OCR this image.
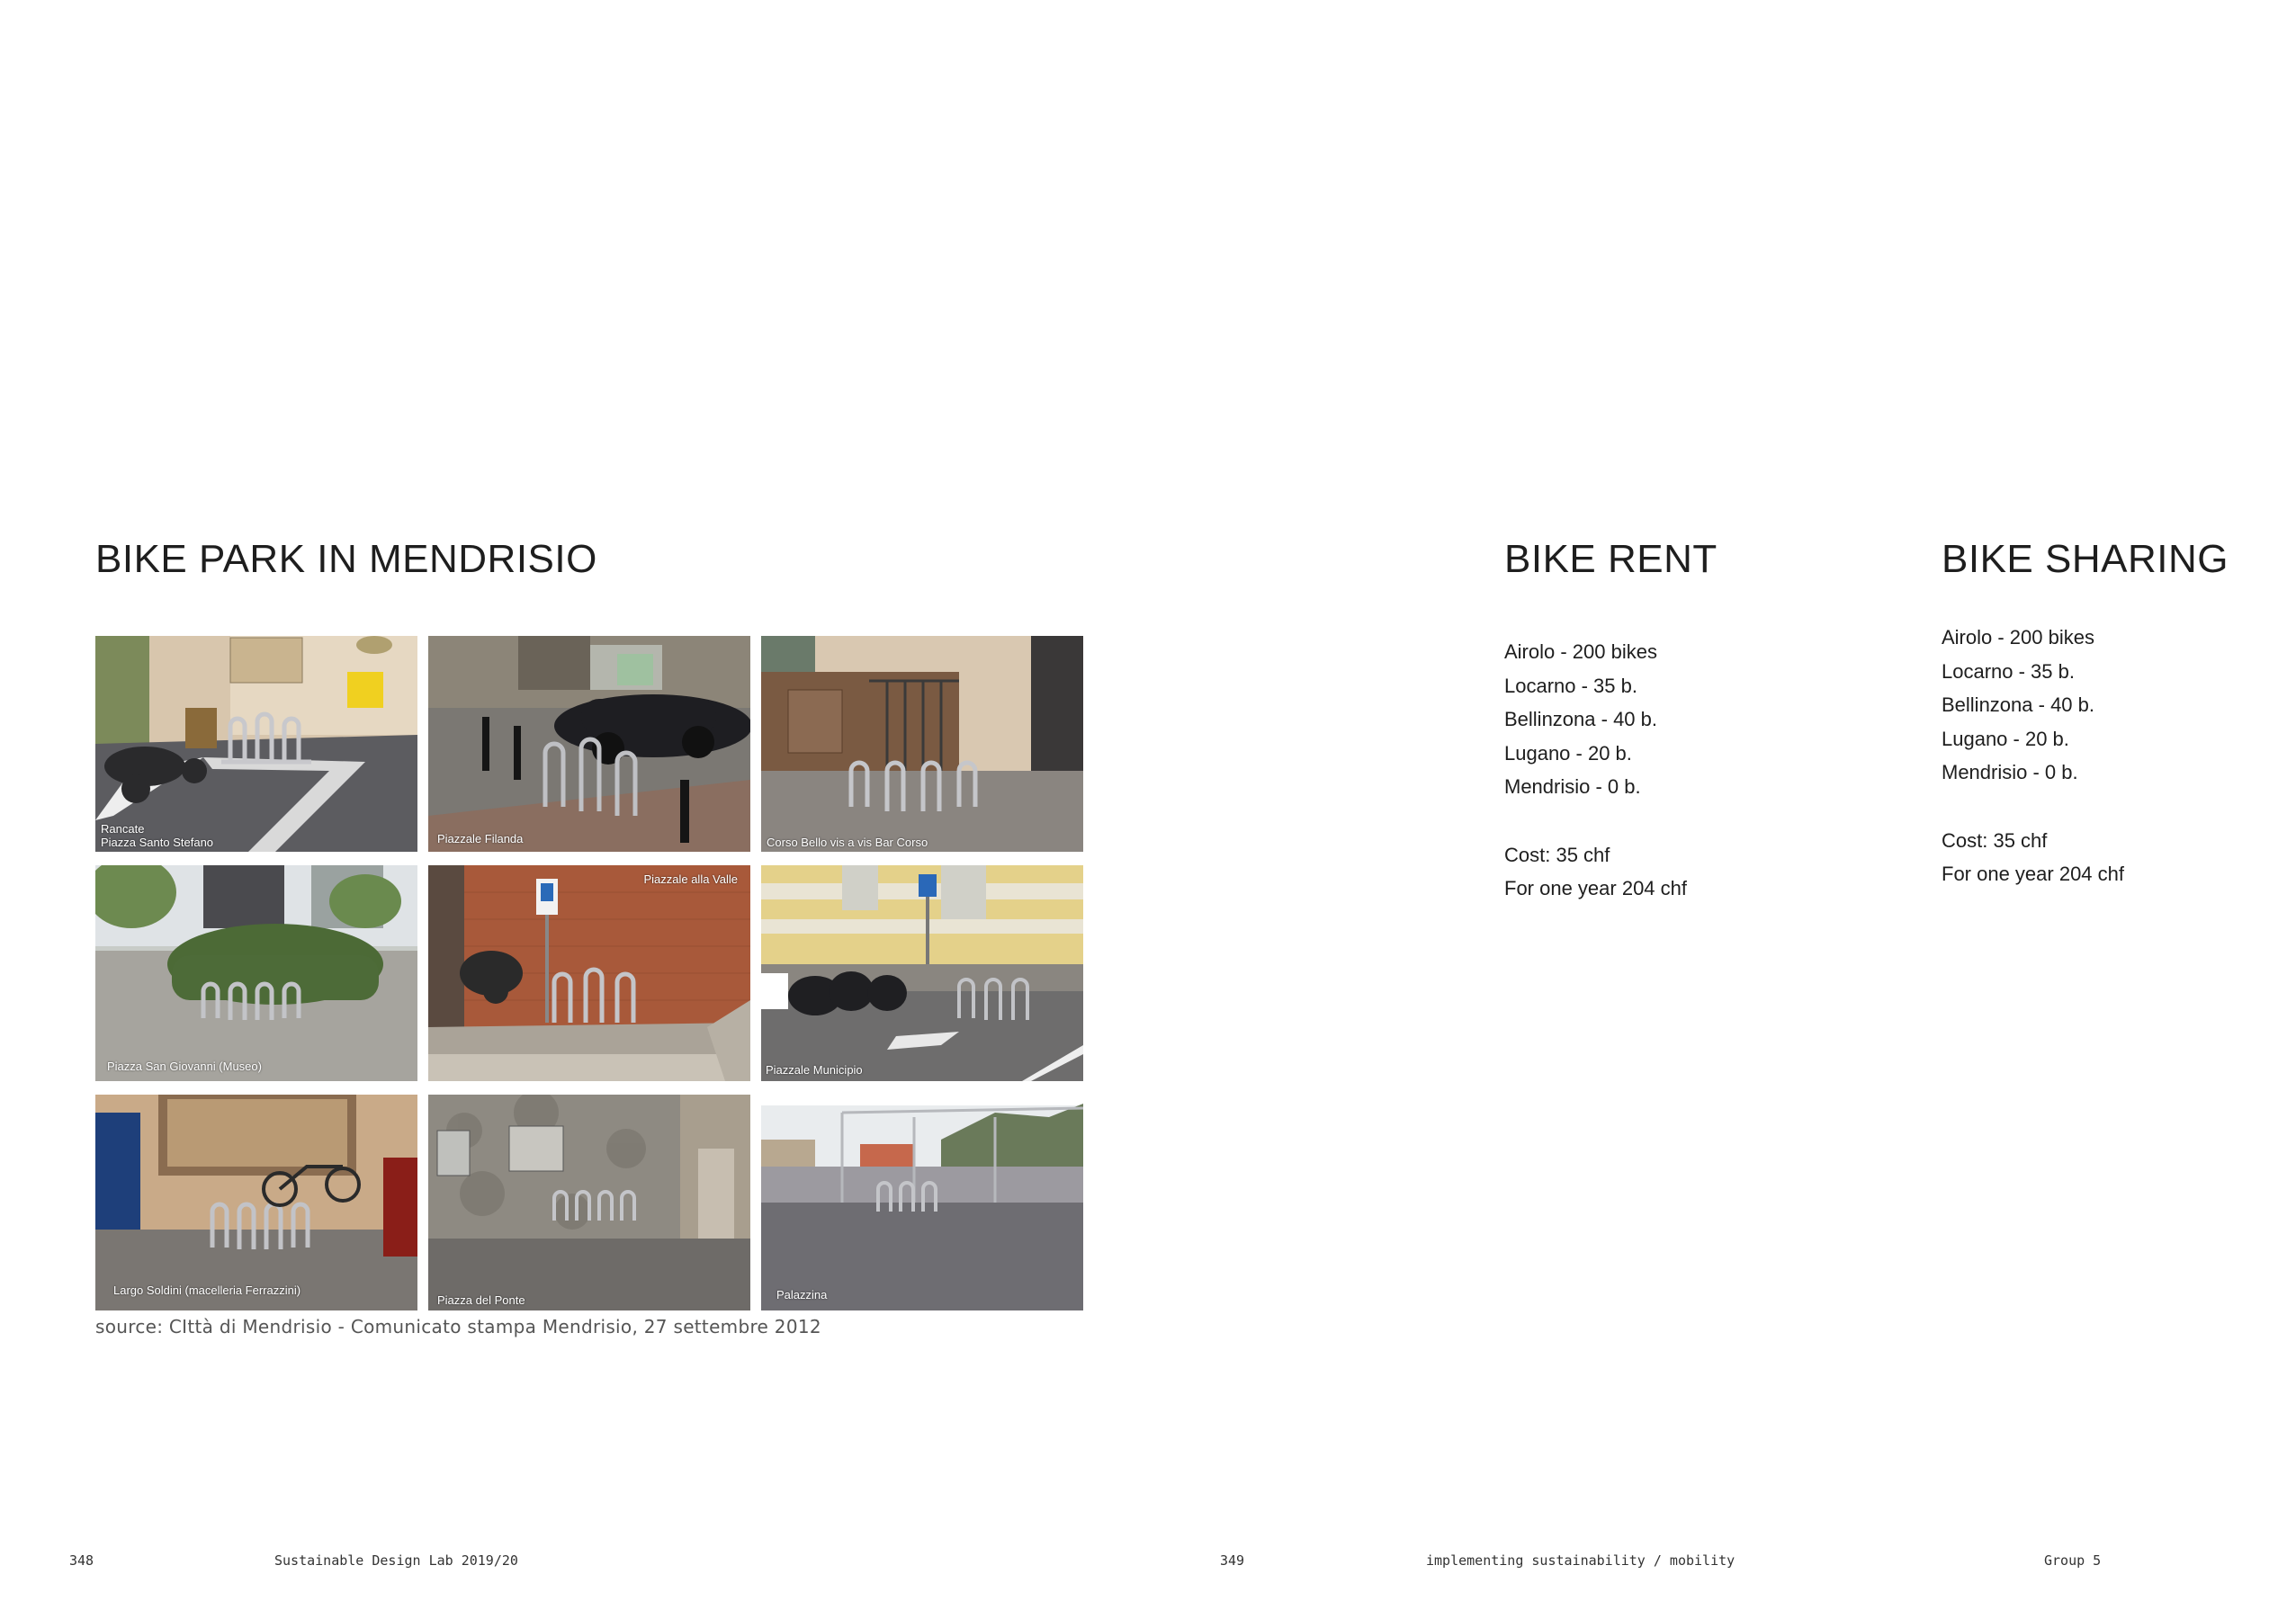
BIKE PARK IN MENDRISIO
Rancate
Piazza Santo Stefano	Piazzale Filanda	Corso Bello vis a vis Bar Corso
Piazza San Giovanni (Museo)
Piazzale alla Valle
Piazzale Municipio
Largo Soldini (macelleria Ferrazzini)
Piazza del Ponte	Palazzina
source: CIttà di Mendrisio - Comunicato stampa Mendrisio, 27 settembre 2012
BIKE RENT
Airolo - 200 bikes
Locarno - 35 b.
Bellinzona - 40 b.
Lugano - 20 b.
Mendrisio - 0 b.
Cost: 35 chf
For one year 204 chf
BIKE SHARING
Airolo - 200 bikes
Locarno - 35 b.
Bellinzona - 40 b.
Lugano - 20 b.
Mendrisio - 0 b.
Cost: 35 chf
For one year 204 chf
348	Sustainable Design Lab 2019/20	349	implementing sustainability / mobility	Group 5
